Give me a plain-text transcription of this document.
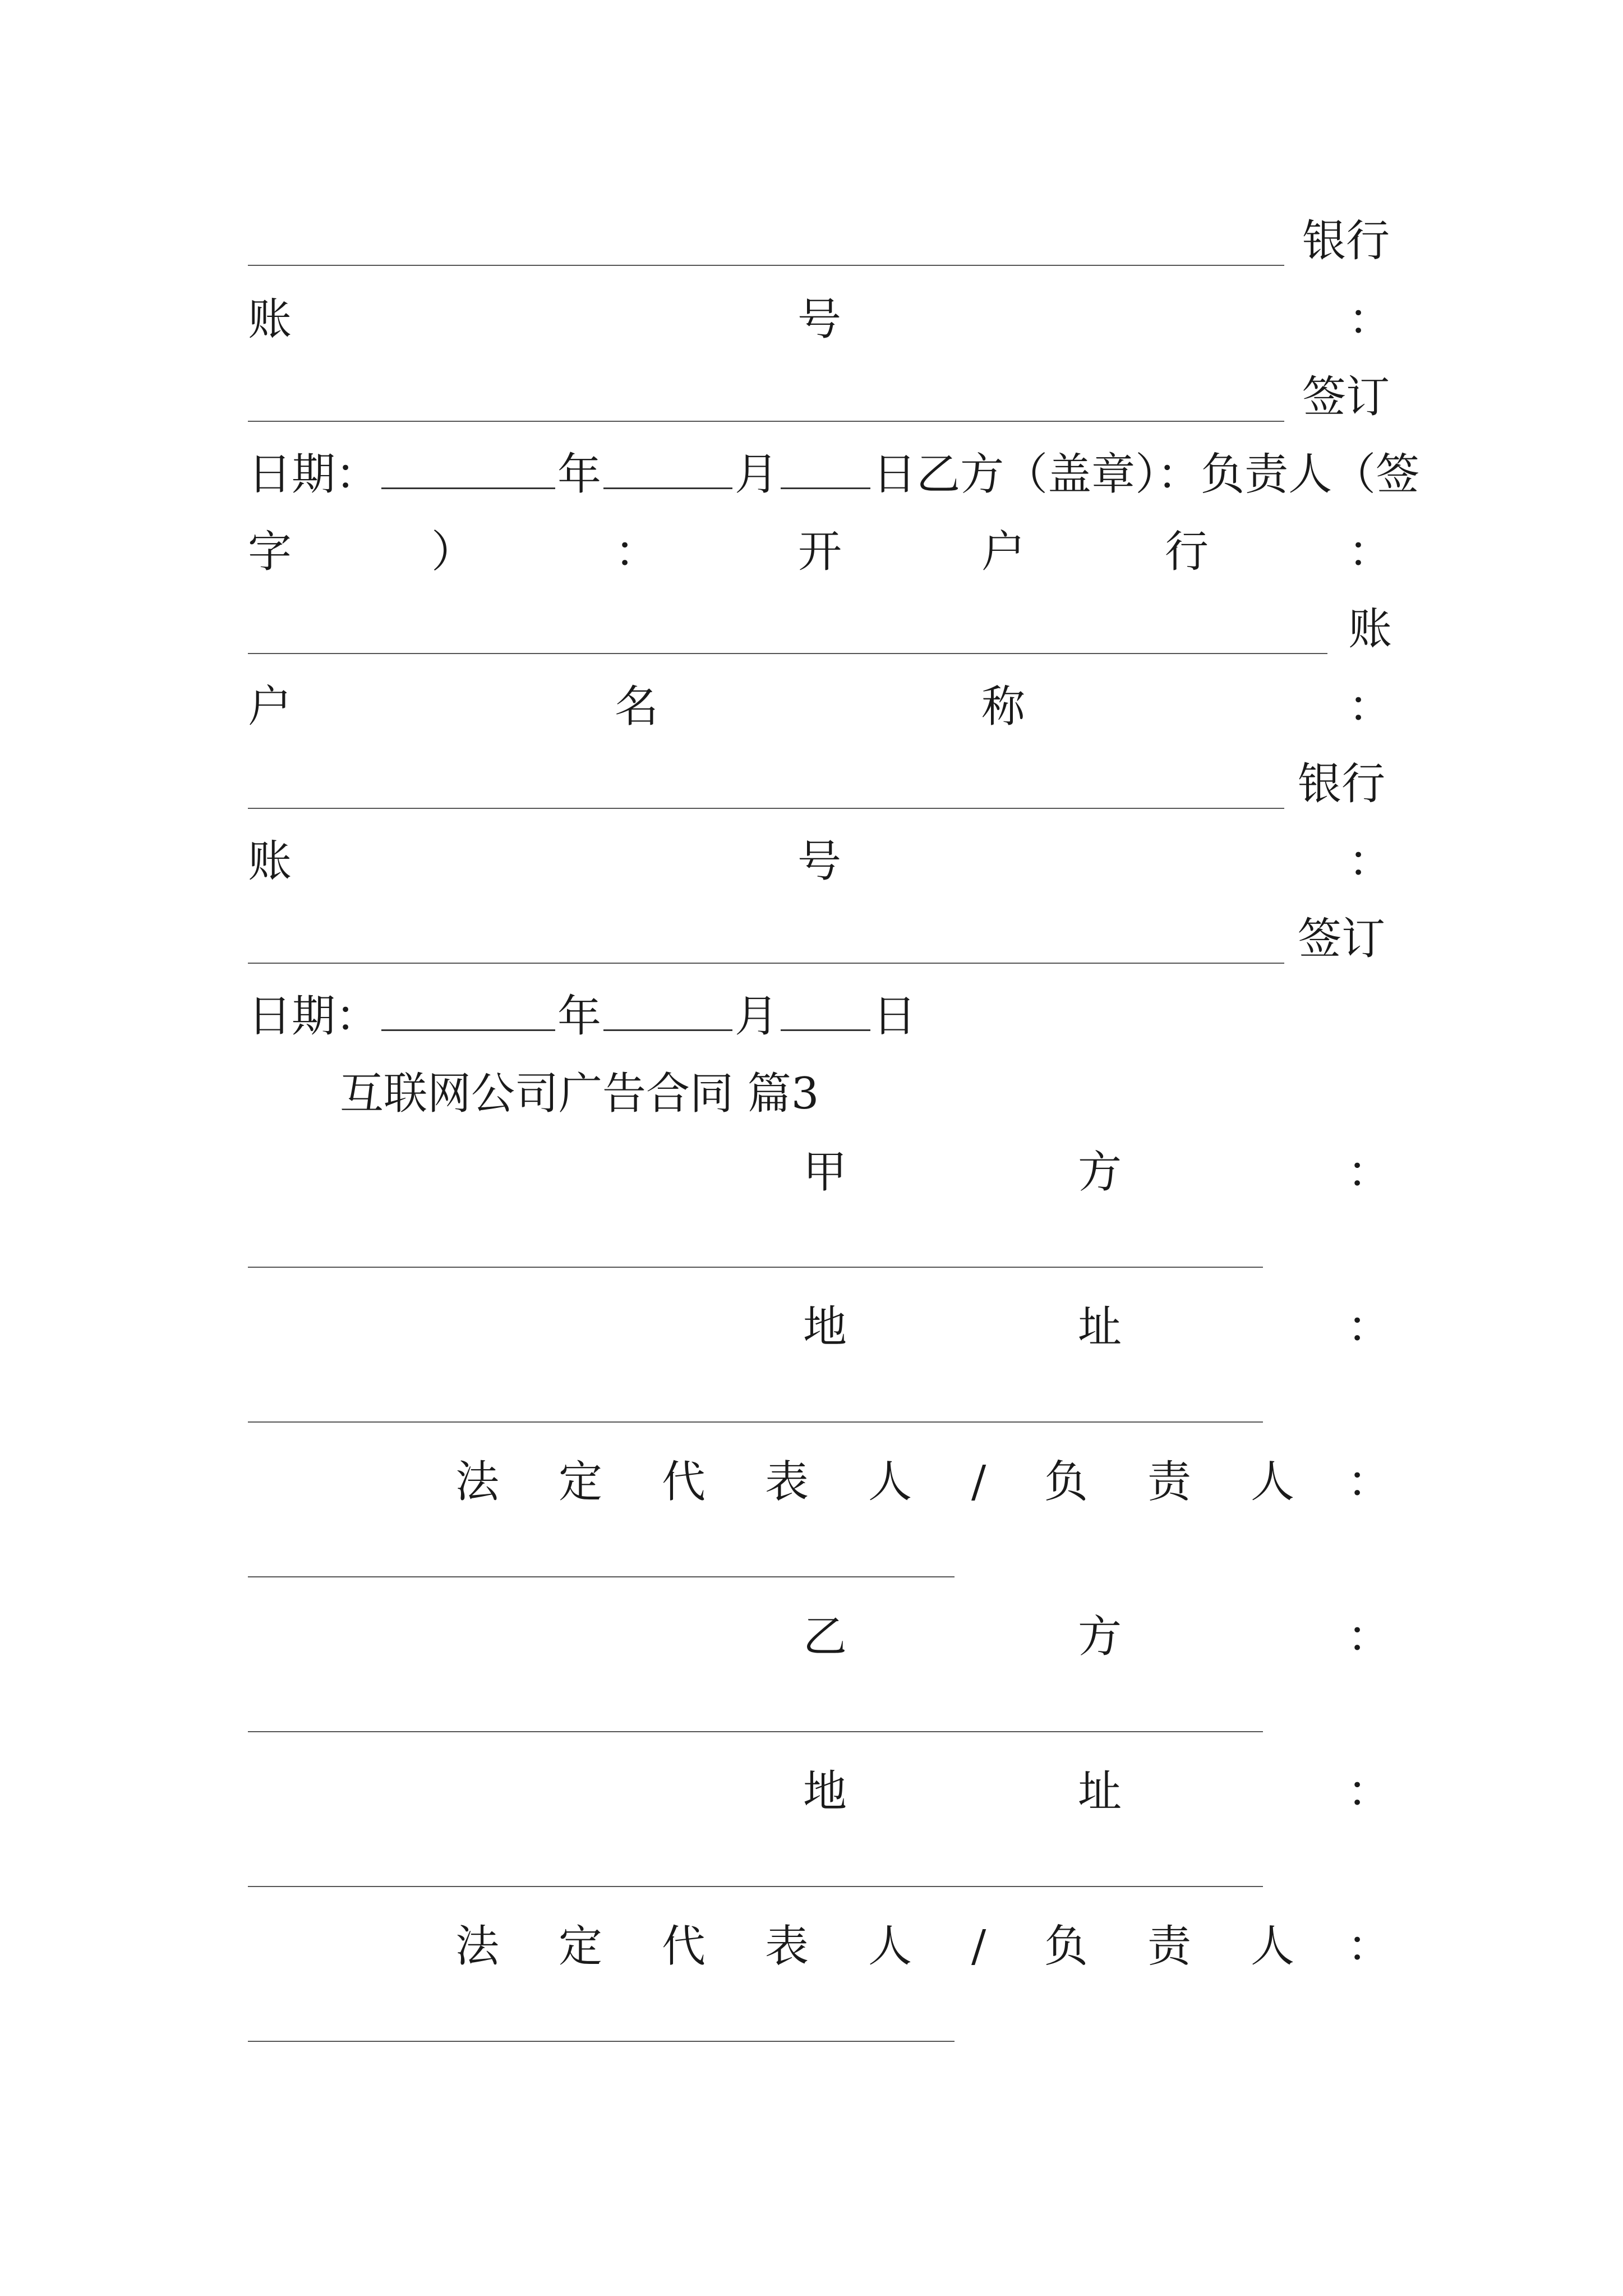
银行
账	号	：
签订
日期：	年	月 日乙方（盖章）：负责人（签
字	）	：	开	户	行	：
账
户	名	称	：
银行
账	号	：
签订
日期：	年	月 日
互联网公司广告合同 篇3
甲	方	：
地	址	：
法 定 代 表 人 / 负 责 人 ：
乙	方	：
地	址	：
法 定 代 表 人 / 负 责 人 ：
